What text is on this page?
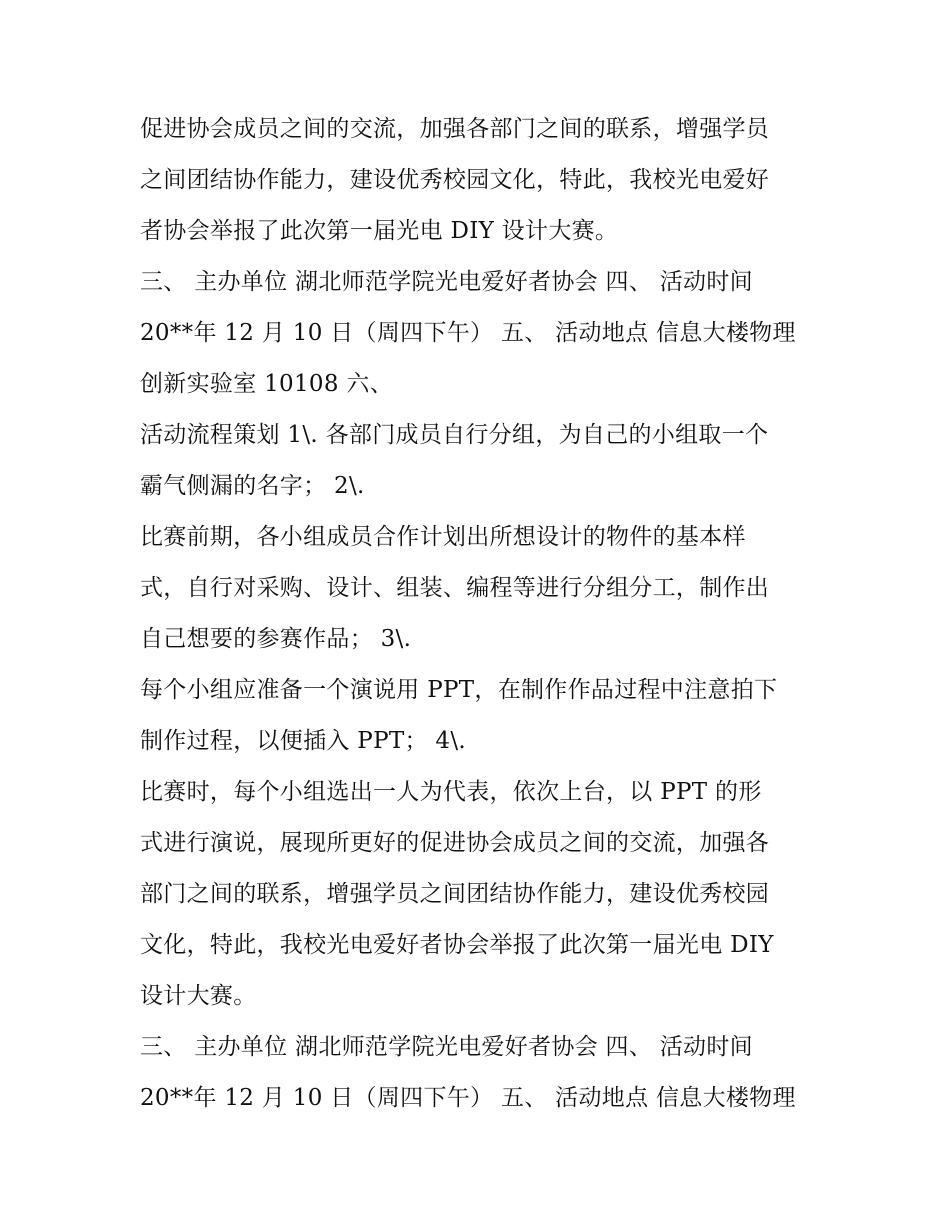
促进协会成员之间的交流，加强各部门之间的联系，增强学员
之间团结协作能力，建设优秀校园文化，特此，我校光电爱好
者协会举报了此次第一届光电 DIY 设计大赛。
三、 主办单位 湖北师范学院光电爱好者协会 四、 活动时间
20**年 12 月 10 日（周四下午） 五、 活动地点 信息大楼物理
创新实验室 10108 六、
活动流程策划 1\. 各部门成员自行分组，为自己的小组取一个
霸气侧漏的名字； 2\.
比赛前期，各小组成员合作计划出所想设计的物件的基本样
式，自行对采购、设计、组装、编程等进行分组分工，制作出
自己想要的参赛作品； 3\.
每个小组应准备一个演说用 PPT，在制作作品过程中注意拍下
制作过程，以便插入 PPT； 4\.
比赛时，每个小组选出一人为代表，依次上台，以 PPT 的形
式进行演说，展现所更好的促进协会成员之间的交流，加强各
部门之间的联系，增强学员之间团结协作能力，建设优秀校园
文化，特此，我校光电爱好者协会举报了此次第一届光电 DIY
设计大赛。
三、 主办单位 湖北师范学院光电爱好者协会 四、 活动时间
20**年 12 月 10 日（周四下午） 五、 活动地点 信息大楼物理
